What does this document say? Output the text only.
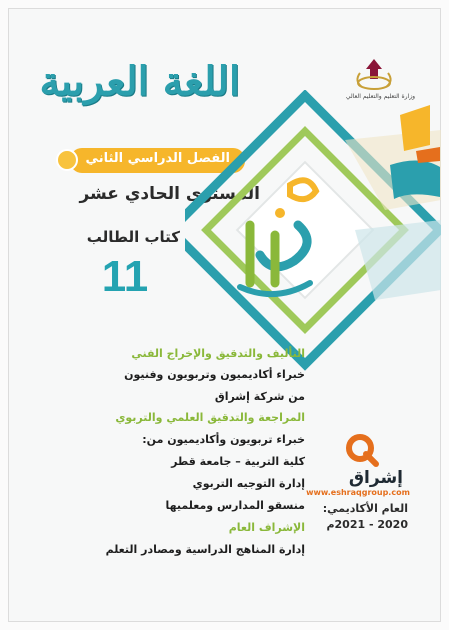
وزارة التعليم والتعليم العالي
اللغة العربية
الفصل الدراسي الثاني
المستوى الحادي عشر
كتاب الطالب
11
التأليف والتدقيق والإخراج الفني
خبراء أكاديميون وتربويون وفنيون
من شركة إشراق
المراجعة والتدقيق العلمي والتربوي
خبراء تربويون وأكاديميون من:
كلية التربية – جامعة قطر
إدارة التوجيه التربوي
منسقو المدارس ومعلميها
الإشراف العام
إدارة المناهج الدراسية ومصادر التعلم
إشراق
www.eshraqgroup.com
العام الأكاديمي:
2020 - 2021م
